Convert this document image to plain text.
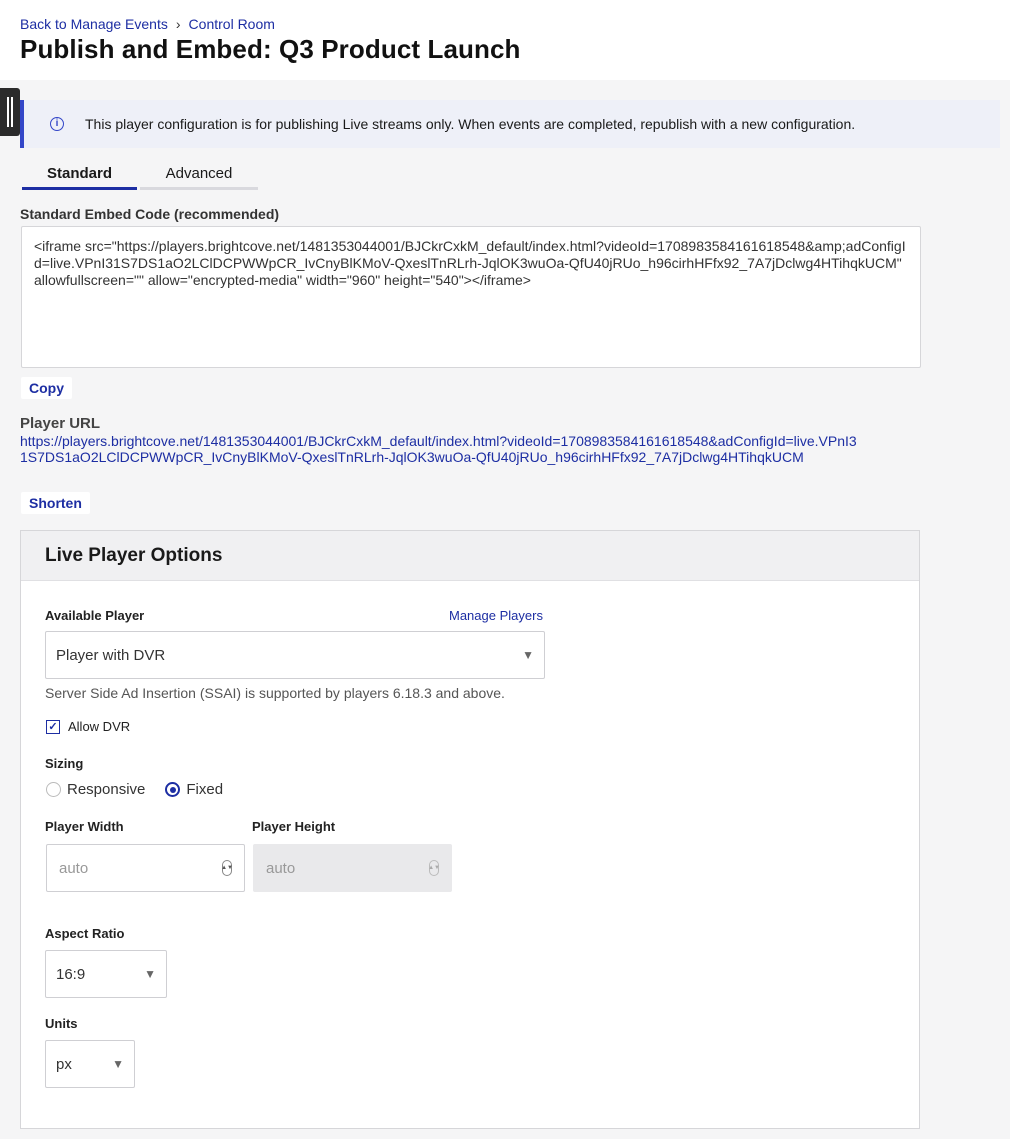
Back to Manage Events › Control Room
Publish and Embed: Q3 Product Launch
i	This player configuration is for publishing Live streams only. When events are completed, republish with a new configuration.
Standard	Advanced
Standard Embed Code (recommended)
<iframe src="https://players.brightcove.net/1481353044001/BJCkrCxkM_default/index.html?videoId=1708983584161618548&amp;adConfigId=live.VPnI31S7DS1aO2LClDCPWWpCR_IvCnyBlKMoV-QxeslTnRLrh-JqlOK3wuOa-QfU40jRUo_h96cirhHFfx92_7A7jDclwg4HTihqkUCM" allowfullscreen="" allow="encrypted-media" width="960" height="540"></iframe>
Copy
Player URL
https://players.brightcove.net/1481353044001/BJCkrCxkM_default/index.html?videoId=1708983584161618548&adConfigId=live.VPnI31S7DS1aO2LClDCPWWpCR_IvCnyBlKMoV-QxeslTnRLrh-JqlOK3wuOa-QfU40jRUo_h96cirhHFfx92_7A7jDclwg4HTihqkUCM
Shorten
Live Player Options
Available Player	Manage Players
Player with DVR	▼
Server Side Ad Insertion (SSAI) is supported by players 6.18.3 and above.
✓ Allow DVR
Sizing
Responsive	Fixed
Player Width	Player Height
auto	▲▼ auto	▲▼
Aspect Ratio
16:9	▼
Units
px	▼
